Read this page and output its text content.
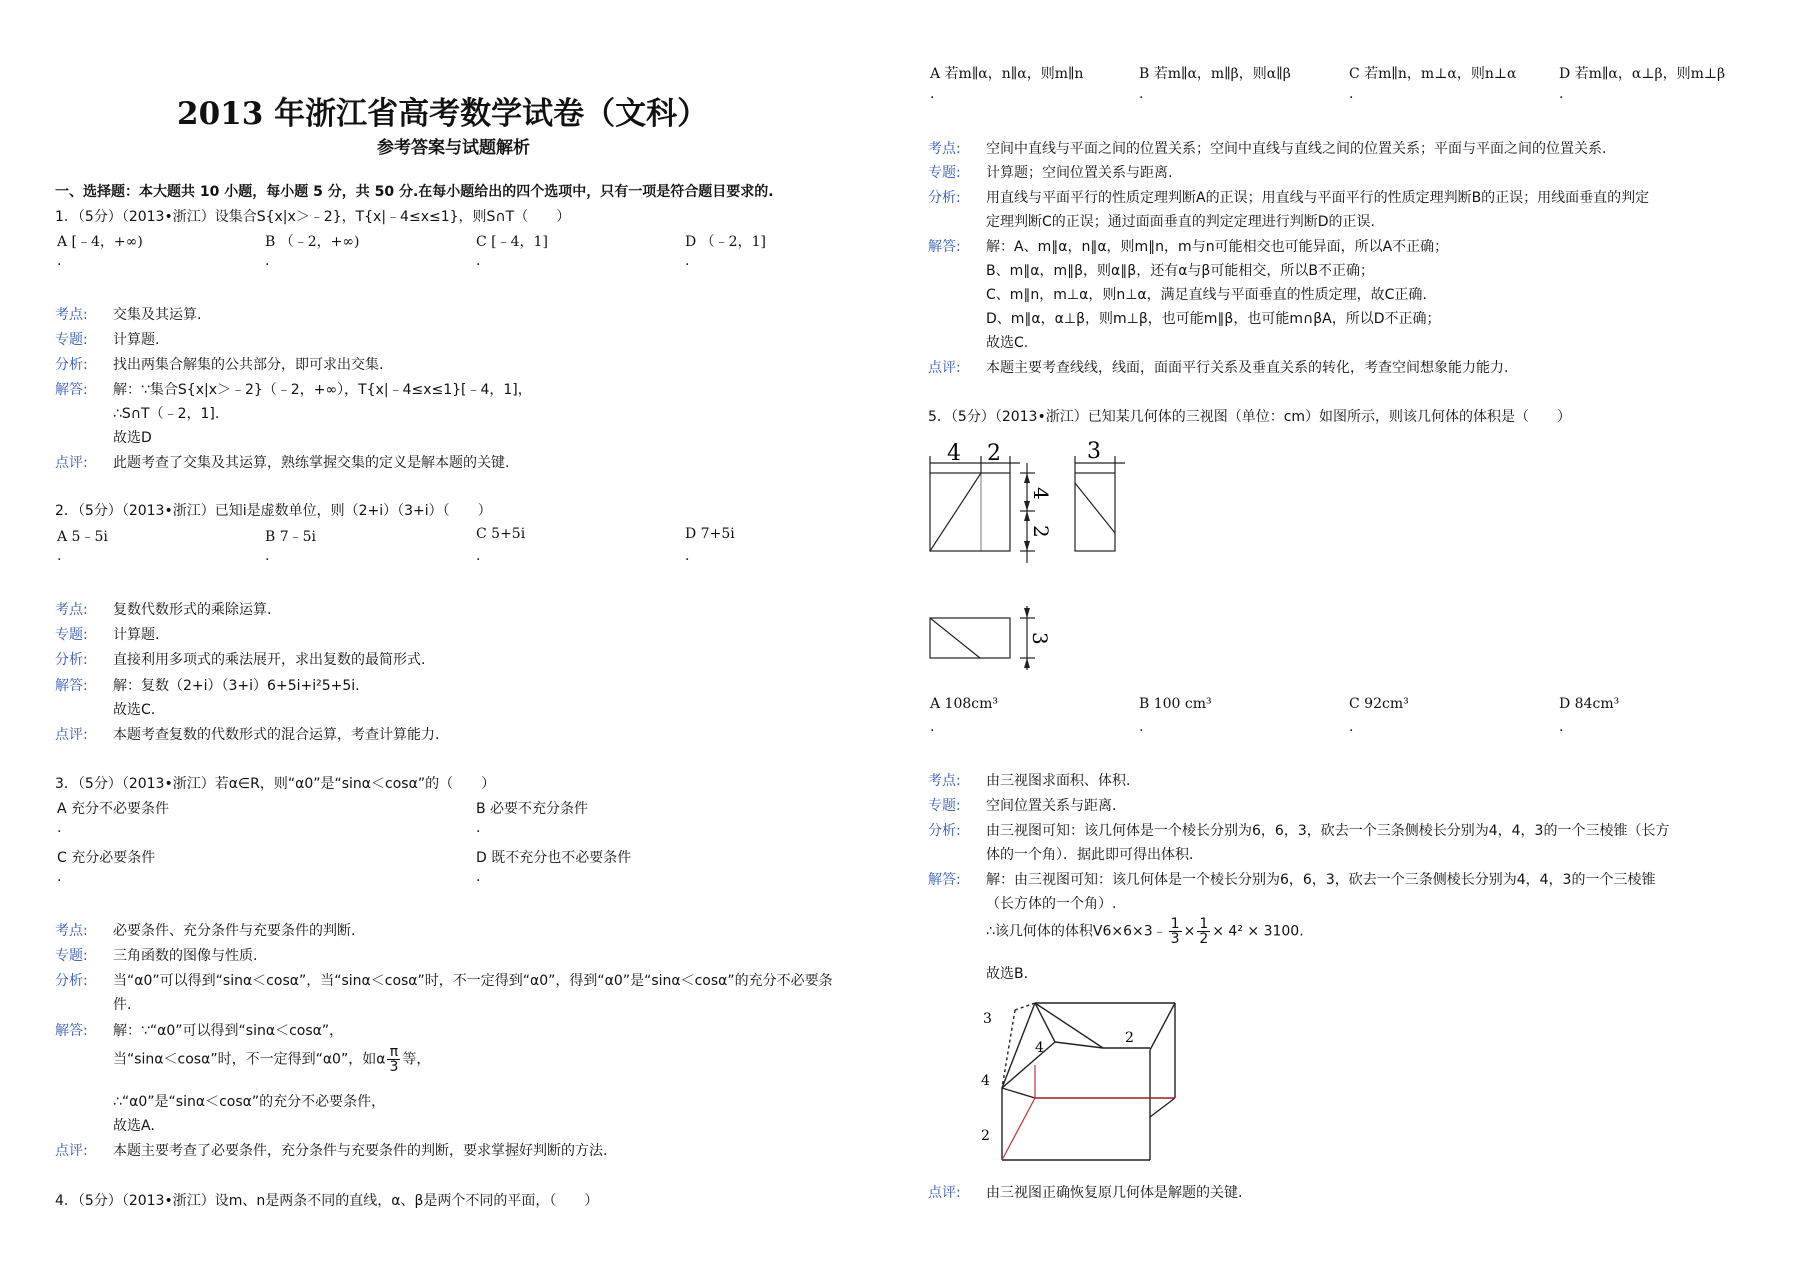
2013 年浙江省高考数学试卷（文科）
参考答案与试题解析
一、选择题：本大题共 10 小题，每小题 5 分，共 50 分.在每小题给出的四个选项中，只有一项是符合题目要求的.
1．（5分）（2013•浙江）设集合S{x|x＞﹣2}，T{x|﹣4≤x≤1}，则S∩T（　　）
A [﹣4，+∞)	B （﹣2，+∞)	C [﹣4，1]	D （﹣2，1]
.	.	.	.
考点: 交集及其运算.
专题: 计算题.
分析: 找出两集合解集的公共部分，即可求出交集.
解答: 解：∵集合S{x|x＞﹣2}（﹣2，+∞），T{x|﹣4≤x≤1}[﹣4，1]，
∴S∩T（﹣2，1].
故选D
点评: 此题考查了交集及其运算，熟练掌握交集的定义是解本题的关键.
2．（5分）（2013•浙江）已知i是虚数单位，则（2+i）（3+i）（　　）
A 5﹣5i	B 7﹣5i	C 5+5i	D 7+5i
.	.	.	.
考点: 复数代数形式的乘除运算.
专题: 计算题.
分析: 直接利用多项式的乘法展开，求出复数的最简形式.
解答: 解：复数（2+i）（3+i）6+5i+i²5+5i.
故选C.
点评: 本题考查复数的代数形式的混合运算，考查计算能力.
3．（5分）（2013•浙江）若α∈R，则“α0”是“sinα＜cosα”的（　　）
A 充分不必要条件	B 必要不充分条件
.	.
C 充分必要条件	D 既不充分也不必要条件
.	.
考点: 必要条件、充分条件与充要条件的判断.
专题: 三角函数的图像与性质.
分析: 当“α0”可以得到“sinα＜cosα”，当“sinα＜cosα”时，不一定得到“α0”，得到“α0”是“sinα＜cosα”的充分不必要条
件.
解答: 解：∵“α0”可以得到“sinα＜cosα”，
当“sinα＜cosα”时，不一定得到“α0”，如α $\frac{\pi}{3}$ 等，
∴“α0”是“sinα＜cosα”的充分不必要条件，
故选A.
点评: 本题主要考查了必要条件，充分条件与充要条件的判断，要求掌握好判断的方法.
4．（5分）（2013•浙江）设m、n是两条不同的直线，α、β是两个不同的平面，（　　）
A 若m∥α，n∥α，则m∥n	B 若m∥α，m∥β，则α∥β	C 若m∥n，m⊥α，则n⊥α	D 若m∥α，α⊥β，则m⊥β
.	.	.	.
考点: 空间中直线与平面之间的位置关系；空间中直线与直线之间的位置关系；平面与平面之间的位置关系.
专题: 计算题；空间位置关系与距离.
分析: 用直线与平面平行的性质定理判断A的正误；用直线与平面平行的性质定理判断B的正误；用线面垂直的判定
定理判断C的正误；通过面面垂直的判定定理进行判断D的正误.
解答: 解：A、m∥α，n∥α，则m∥n，m与n可能相交也可能异面，所以A不正确；
B、m∥α，m∥β，则α∥β，还有α与β可能相交，所以B不正确；
C、m∥n，m⊥α，则n⊥α，满足直线与平面垂直的性质定理，故C正确.
D、m∥α，α⊥β，则m⊥β，也可能m∥β，也可能m∩βA，所以D不正确；
故选C.
点评: 本题主要考查线线，线面，面面平行关系及垂直关系的转化，考查空间想象能力能力.
5．（5分）（2013•浙江）已知某几何体的三视图（单位：cm）如图所示，则该几何体的体积是（　　）
4 2	3
4
2
3
A 108cm³	B 100 cm³	C 92cm³	D 84cm³
.	.	.	.
考点: 由三视图求面积、体积.
专题: 空间位置关系与距离.
分析: 由三视图可知：该几何体是一个棱长分别为6，6，3，砍去一个三条侧棱长分别为4，4，3的一个三棱锥（长方
体的一个角）．据此即可得出体积.
解答: 解：由三视图可知：该几何体是一个棱长分别为6，6，3，砍去一个三条侧棱长分别为4，4，3的一个三棱锥
（长方体的一个角）.
∴该几何体的体积V6×6×3﹣ $\frac{1}{3} \times \frac{1}{2} \times 4^2 \times 3100$.
故选B.
3
4
4
2
2
点评: 由三视图正确恢复原几何体是解题的关键.
